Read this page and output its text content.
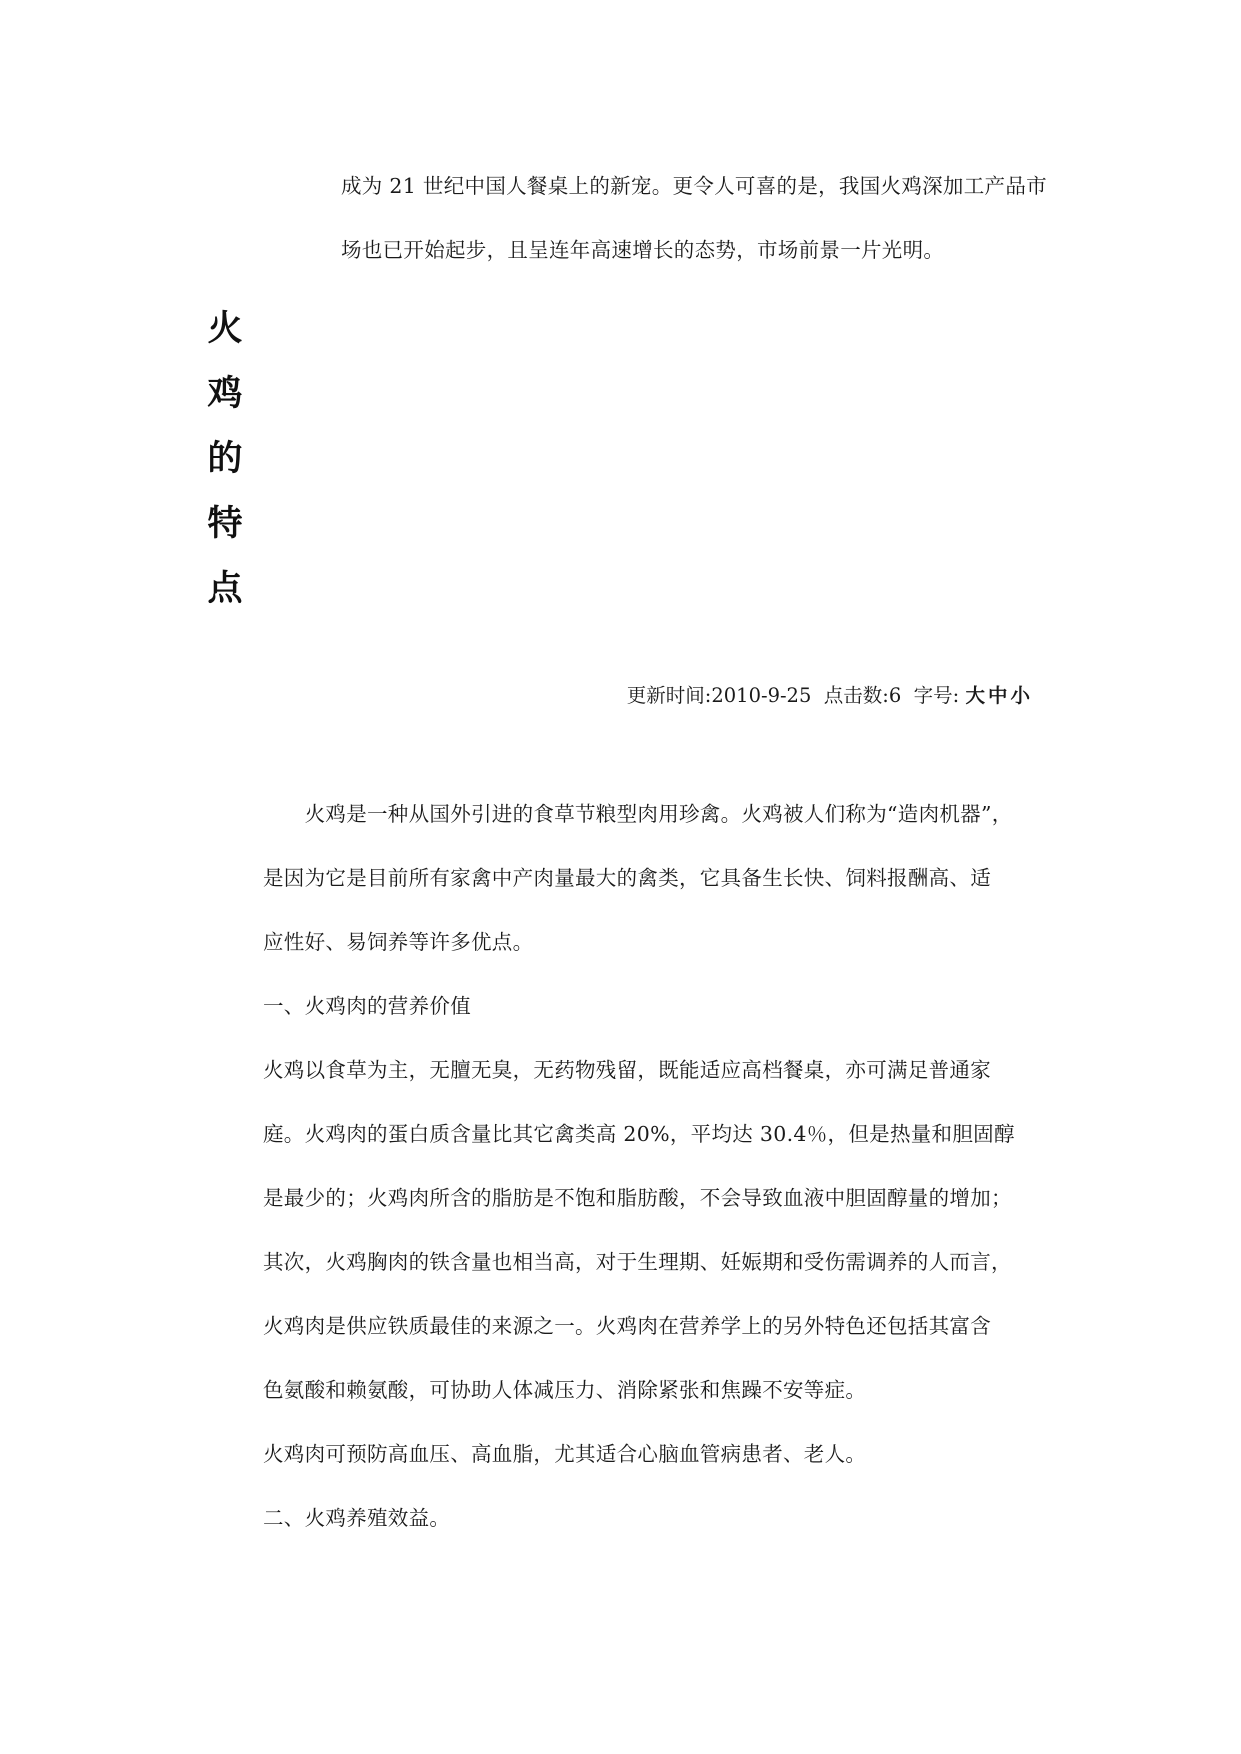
成为 21 世纪中国人餐桌上的新宠。更令人可喜的是，我国火鸡深加工产品市
场也已开始起步，且呈连年高速增长的态势，市场前景一片光明。
火
鸡
的
特
点
更新时间:2010-9-25 点击数:6 字号: 大中小
　　火鸡是一种从国外引进的食草节粮型肉用珍禽。火鸡被人们称为“造肉机器”，
是因为它是目前所有家禽中产肉量最大的禽类，它具备生长快、饲料报酬高、适
应性好、易饲养等许多优点。
一、火鸡肉的营养价值
火鸡以食草为主，无膻无臭，无药物残留，既能适应高档餐桌，亦可满足普通家
庭。火鸡肉的蛋白质含量比其它禽类高 20%，平均达 30.4％，但是热量和胆固醇
是最少的；火鸡肉所含的脂肪是不饱和脂肪酸，不会导致血液中胆固醇量的增加；
其次，火鸡胸肉的铁含量也相当高，对于生理期、妊娠期和受伤需调养的人而言，
火鸡肉是供应铁质最佳的来源之一。火鸡肉在营养学上的另外特色还包括其富含
色氨酸和赖氨酸，可协助人体减压力、消除紧张和焦躁不安等症。
火鸡肉可预防高血压、高血脂，尤其适合心脑血管病患者、老人。
二、火鸡养殖效益。
